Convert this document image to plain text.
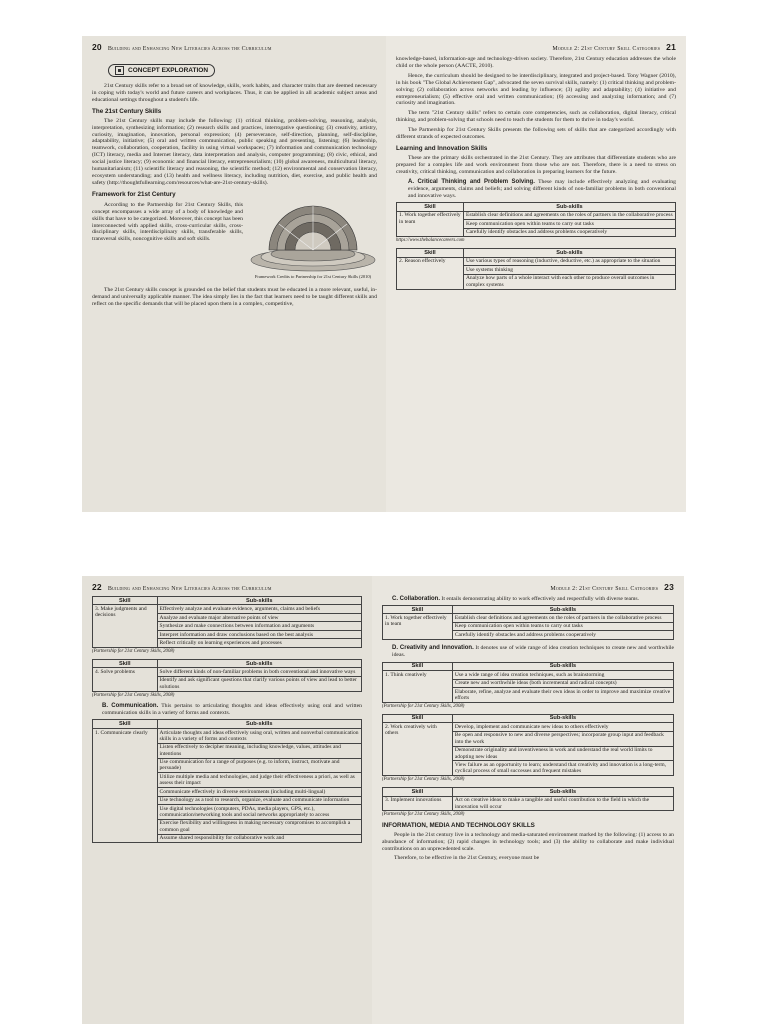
20 Building and Enhancing New Literacies Across the Curriculum
CONCEPT EXPLORATION

21st Century skills refer to a broad set of knowledge, skills, work habits, and character traits that are deemed necessary in coping with today's world and future careers and workplaces. Thus, it can be applied in all academic subject areas and educational settings throughout a student's life.

The 21st Century Skills

The 21st Century skills may include the following: (1) critical thinking, problem-solving, reasoning, analysis, interpretation, synthesizing information; (2) research skills and practices, interrogative questioning; (3) creativity, artistry, curiosity, imagination, innovation, personal expression; (4) perseverance, self-direction, planning, self-discipline, adaptability, initiative; (5) oral and written communication, public speaking and presenting, listening; (6) leadership, teamwork, collaboration, cooperation, facility in using virtual workspaces; (7) information and communication technology (ICT) literacy, media and Internet literacy, data interpretation and analysis, computer programming; (8) civic, ethical, and social justice literacy; (9) economic and financial literacy, entrepreneurialism; (10) global awareness, multicultural literacy, humanitarianism; (11) scientific literacy and reasoning, the scientific method; (12) environmental and conservation literacy, ecosystem understanding; and (13) health and wellness literacy, including nutrition, diet, exercise, and public health and safety (http://thoughtfullearning.com/resources/what-are-21st-century-skills).

Framework for 21st Century

According to the Partnership for 21st Century Skills, this concept encompasses a wide array of a body of knowledge and skills that have to be categorized. Moreover, this concept has been interconnected with applied skills, cross-curricular skills, cross-disciplinary skills, interdisciplinary skills, transferable skills, transversal skills, noncognitive skills and soft skills.

Framework Credits to Partnership for 21st Century Skills (2010)

The 21st Century skills concept is grounded on the belief that students must be educated in a more relevant, useful, in-demand and universally applicable manner. The idea simply lies in the fact that learners need to be taught different skills and reflect on the specific demands that will be placed upon them in a complex, competitive,

Module 2: 21st Century Skill Categories 21

knowledge-based, information-age and technology-driven society. Therefore, 21st Century education addresses the whole child or the whole person (AACTE, 2010).

Hence, the curriculum should be designed to be interdisciplinary, integrated and project-based. Tony Wagner (2010), in his book "The Global Achievement Gap", advocated the seven survival skills, namely: (1) critical thinking and problem-solving; (2) collaboration across networks and leading by influence; (3) agility and adaptability; (4) initiative and entrepreneurialism; (5) effective oral and written communication; (6) accessing and analyzing information; and (7) curiosity and imagination.

The term "21st Century skills" refers to certain core competencies, such as collaboration, digital literacy, critical thinking, and problem-solving that schools need to teach the students for them to thrive in today's world.

The Partnership for 21st Century Skills presents the following sets of skills that are categorized accordingly with different strands of expected outcomes.

Learning and Innovation Skills

These are the primary skills orchestrated in the 21st Century. They are attributes that differentiate students who are prepared for a complex life and work environment from those who are not. Therefore, there is a need to stress on creativity, critical thinking, communication and collaboration in preparing learners for the future.

A. Critical Thinking and Problem Solving. These may include effectively analyzing and evaluating evidence, arguments, claims and beliefs; and solving different kinds of non-familiar problems in both conventional and innovative ways.

Skill	Sub-skills
1. Work together effectively in team	Establish clear definitions and agreements on the roles of partners in the collaborative process
	Keep communication open within teams to carry out tasks
	Carefully identify obstacles and address problems cooperatively
https://www.thebalancecareers.com
Skill	Sub-skills
2. Reason effectively	Use various types of reasoning (inductive, deductive, etc.) as appropriate to the situation
	Use systems thinking
	Analyze how parts of a whole interact with each other to produce overall outcomes in complex systems
22 Building and Enhancing New Literacies Across the Curriculum
Skill	Sub-skills
3. Make judgments and decisions	Effectively analyze and evaluate evidence, arguments, claims and beliefs
	Analyze and evaluate major alternative points of view
	Synthesize and make connections between information and arguments
	Interpret information and draw conclusions based on the best analysis
	Reflect critically on learning experiences and processes
(Partnership for 21st Century Skills, 2008)
Skill	Sub-skills
4. Solve problems	Solve different kinds of non-familiar problems in both conventional and innovative ways
	Identify and ask significant questions that clarify various points of view and lead to better solutions
(Partnership for 21st Century Skills, 2008)

B. Communication. This pertains to articulating thoughts and ideas effectively using oral and written communication skills in a variety of forms and contexts.

Skill	Sub-skills
1. Communicate clearly	Articulate thoughts and ideas effectively using oral, written and nonverbal communication skills in a variety of forms and contexts
	Listen effectively to decipher meaning, including knowledge, values, attitudes and intentions
	Use communication for a range of purposes (e.g. to inform, instruct, motivate and persuade)
	Utilize multiple media and technologies, and judge their effectiveness a priori, as well as assess their impact
	Communicate effectively in diverse environments (including multi-lingual)
	Use technology as a tool to research, organize, evaluate and communicate information
	Use digital technologies (computers, PDAs, media players, GPS, etc.), communication/networking tools and social networks appropriately to access
	Exercise flexibility and willingness in making necessary compromises to accomplish a common goal
	Assume shared responsibility for collaborative work and
Module 2: 21st Century Skill Categories 23

C. Collaboration. It entails demonstrating ability to work effectively and respectfully with diverse teams.

Skill	Sub-skills
1. Work together effectively in team	Establish clear definitions and agreements on the roles of partners in the collaborative process
	Keep communication open within teams to carry out tasks
	Carefully identify obstacles and address problems cooperatively

D. Creativity and Innovation. It denotes use of wide range of idea creation techniques to create new and worthwhile ideas.

Skill	Sub-skills
1. Think creatively	Use a wide range of idea creation techniques, such as brainstorming
	Create new and worthwhile ideas (both incremental and radical concepts)
	Elaborate, refine, analyze and evaluate their own ideas in order to improve and maximize creative efforts
(Partnership for 21st Century Skills, 2008)
Skill	Sub-skills
2. Work creatively with others	Develop, implement and communicate new ideas to others effectively
	Be open and responsive to new and diverse perspectives; incorporate group input and feedback into the work
	Demonstrate originality and inventiveness in work and understand the real world limits to adopting new ideas
	View failure as an opportunity to learn; understand that creativity and innovation is a long-term, cyclical process of small successes and frequent mistakes
(Partnership for 21st Century Skills, 2008)
Skill	Sub-skills
3. Implement innovations	Act on creative ideas to make a tangible and useful contribution to the field in which the innovation will occur
(Partnership for 21st Century Skills, 2008)
INFORMATION, MEDIA AND TECHNOLOGY SKILLS

People in the 21st century live in a technology and media-saturated environment marked by the following: (1) access to an abundance of information; (2) rapid changes in technology tools; and (3) the ability to collaborate and make individual contributions on an unprecedented scale.

Therefore, to be effective in the 21st Century, everyone must be
